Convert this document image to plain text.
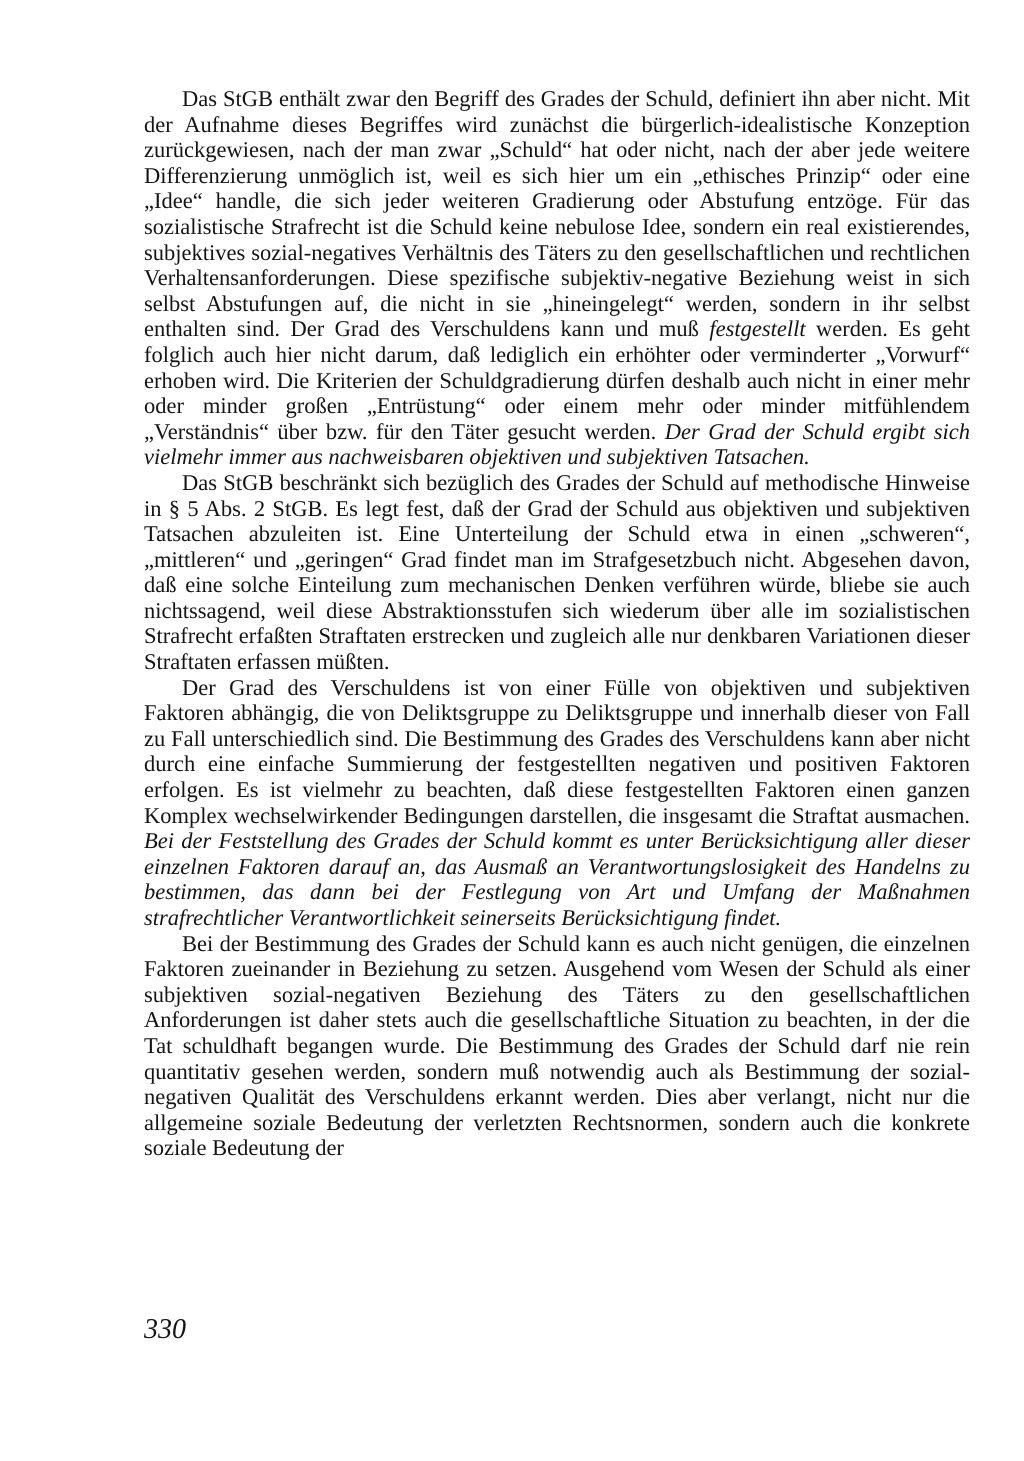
Das StGB enthält zwar den Begriff des Grades der Schuld, definiert ihn aber nicht. Mit der Aufnahme dieses Begriffes wird zunächst die bürgerlich-idealistische Konzeption zurückgewiesen, nach der man zwar „Schuld“ hat oder nicht, nach der aber jede weitere Differenzierung unmöglich ist, weil es sich hier um ein „ethisches Prinzip“ oder eine „Idee“ handle, die sich jeder weiteren Gradierung oder Abstufung entzöge. Für das sozialistische Strafrecht ist die Schuld keine nebulose Idee, sondern ein real existierendes, subjektives sozial-negatives Verhältnis des Täters zu den gesellschaftlichen und rechtlichen Verhaltensanforderungen. Diese spezifische subjektiv-negative Beziehung weist in sich selbst Abstufungen auf, die nicht in sie „hineingelegt“ werden, sondern in ihr selbst enthalten sind. Der Grad des Verschuldens kann und muß festgestellt werden. Es geht folglich auch hier nicht darum, daß lediglich ein erhöhter oder verminderter „Vorwurf“ erhoben wird. Die Kriterien der Schuldgradierung dürfen deshalb auch nicht in einer mehr oder minder großen „Entrüstung“ oder einem mehr oder minder mitfühlendem „Verständnis“ über bzw. für den Täter gesucht werden. Der Grad der Schuld ergibt sich vielmehr immer aus nachweisbaren objektiven und subjektiven Tatsachen.

Das StGB beschränkt sich bezüglich des Grades der Schuld auf methodische Hinweise in § 5 Abs. 2 StGB. Es legt fest, daß der Grad der Schuld aus objektiven und subjektiven Tatsachen abzuleiten ist. Eine Unterteilung der Schuld etwa in einen „schweren“, „mittleren“ und „geringen“ Grad findet man im Strafgesetzbuch nicht. Abgesehen davon, daß eine solche Einteilung zum mechanischen Denken verführen würde, bliebe sie auch nichtssagend, weil diese Abstraktionsstufen sich wiederum über alle im sozialistischen Strafrecht erfaßten Straftaten erstrecken und zugleich alle nur denkbaren Variationen dieser Straftaten erfassen müßten.

Der Grad des Verschuldens ist von einer Fülle von objektiven und subjektiven Faktoren abhängig, die von Deliktsgruppe zu Deliktsgruppe und innerhalb dieser von Fall zu Fall unterschiedlich sind. Die Bestimmung des Grades des Verschuldens kann aber nicht durch eine einfache Summierung der festgestellten negativen und positiven Faktoren erfolgen. Es ist vielmehr zu beachten, daß diese festgestellten Faktoren einen ganzen Komplex wechselwirkender Bedingungen darstellen, die insgesamt die Straftat ausmachen. Bei der Feststellung des Grades der Schuld kommt es unter Berücksichtigung aller dieser einzelnen Faktoren darauf an, das Ausmaß an Verantwortungslosigkeit des Handelns zu bestimmen, das dann bei der Festlegung von Art und Umfang der Maßnahmen strafrechtlicher Verantwortlichkeit seinerseits Berücksichtigung findet.

Bei der Bestimmung des Grades der Schuld kann es auch nicht genügen, die einzelnen Faktoren zueinander in Beziehung zu setzen. Ausgehend vom Wesen der Schuld als einer subjektiven sozial-negativen Beziehung des Täters zu den gesellschaftlichen Anforderungen ist daher stets auch die gesellschaftliche Situation zu beachten, in der die Tat schuldhaft begangen wurde. Die Bestimmung des Grades der Schuld darf nie rein quantitativ gesehen werden, sondern muß notwendig auch als Bestimmung der sozial-negativen Qualität des Verschuldens erkannt werden. Dies aber verlangt, nicht nur die allgemeine soziale Bedeutung der verletzten Rechtsnormen, sondern auch die konkrete soziale Bedeutung der

330
